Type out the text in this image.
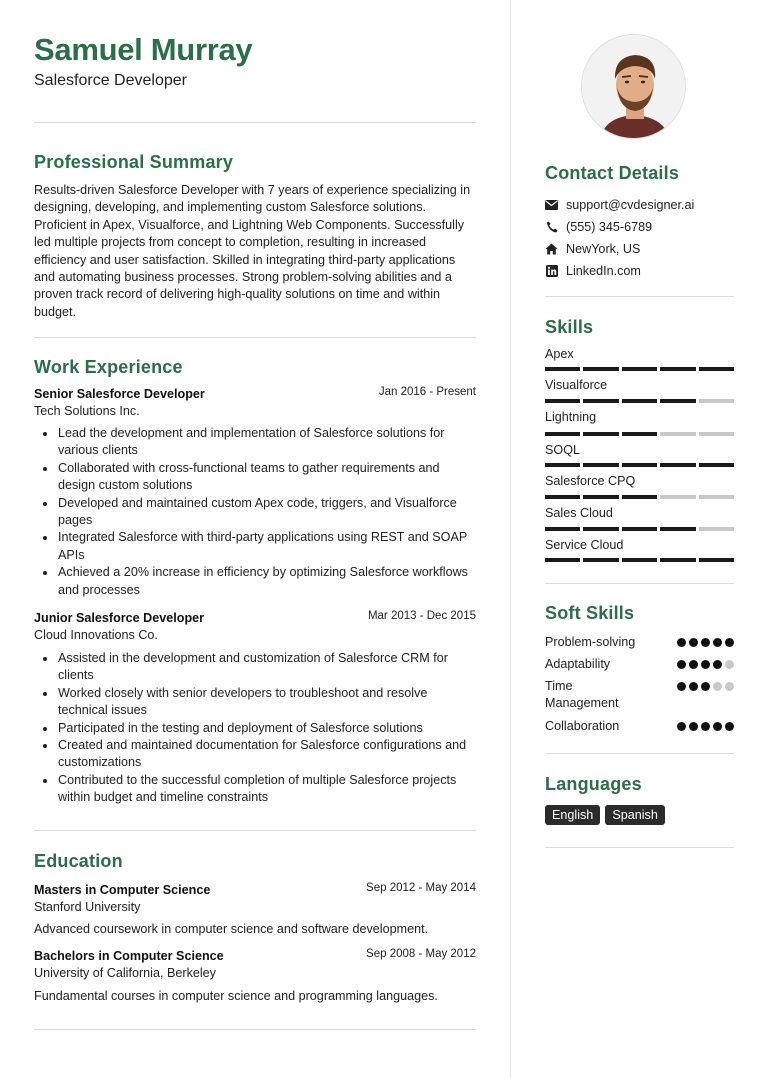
Samuel Murray
Salesforce Developer
Professional Summary
Results-driven Salesforce Developer with 7 years of experience specializing in designing, developing, and implementing custom Salesforce solutions. Proficient in Apex, Visualforce, and Lightning Web Components. Successfully led multiple projects from concept to completion, resulting in increased efficiency and user satisfaction. Skilled in integrating third-party applications and automating business processes. Strong problem-solving abilities and a proven track record of delivering high-quality solutions on time and within budget.
Work Experience
Senior Salesforce Developer	Jan 2016 - Present
Tech Solutions Inc.
Lead the development and implementation of Salesforce solutions for various clients
Collaborated with cross-functional teams to gather requirements and design custom solutions
Developed and maintained custom Apex code, triggers, and Visualforce pages
Integrated Salesforce with third-party applications using REST and SOAP APIs
Achieved a 20% increase in efficiency by optimizing Salesforce workflows and processes
Junior Salesforce Developer	Mar 2013 - Dec 2015
Cloud Innovations Co.
Assisted in the development and customization of Salesforce CRM for clients
Worked closely with senior developers to troubleshoot and resolve technical issues
Participated in the testing and deployment of Salesforce solutions
Created and maintained documentation for Salesforce configurations and customizations
Contributed to the successful completion of multiple Salesforce projects within budget and timeline constraints
Education
Masters in Computer Science	Sep 2012 - May 2014
Stanford University
Advanced coursework in computer science and software development.
Bachelors in Computer Science	Sep 2008 - May 2012
University of California, Berkeley
Fundamental courses in computer science and programming languages.
Contact Details
support@cvdesigner.ai
(555) 345-6789
NewYork, US
LinkedIn.com
Skills
Apex
Visualforce
Lightning
SOQL
Salesforce CPQ
Sales Cloud
Service Cloud
Soft Skills
Problem-solving
Adaptability
Time Management
Collaboration
Languages
English	Spanish
